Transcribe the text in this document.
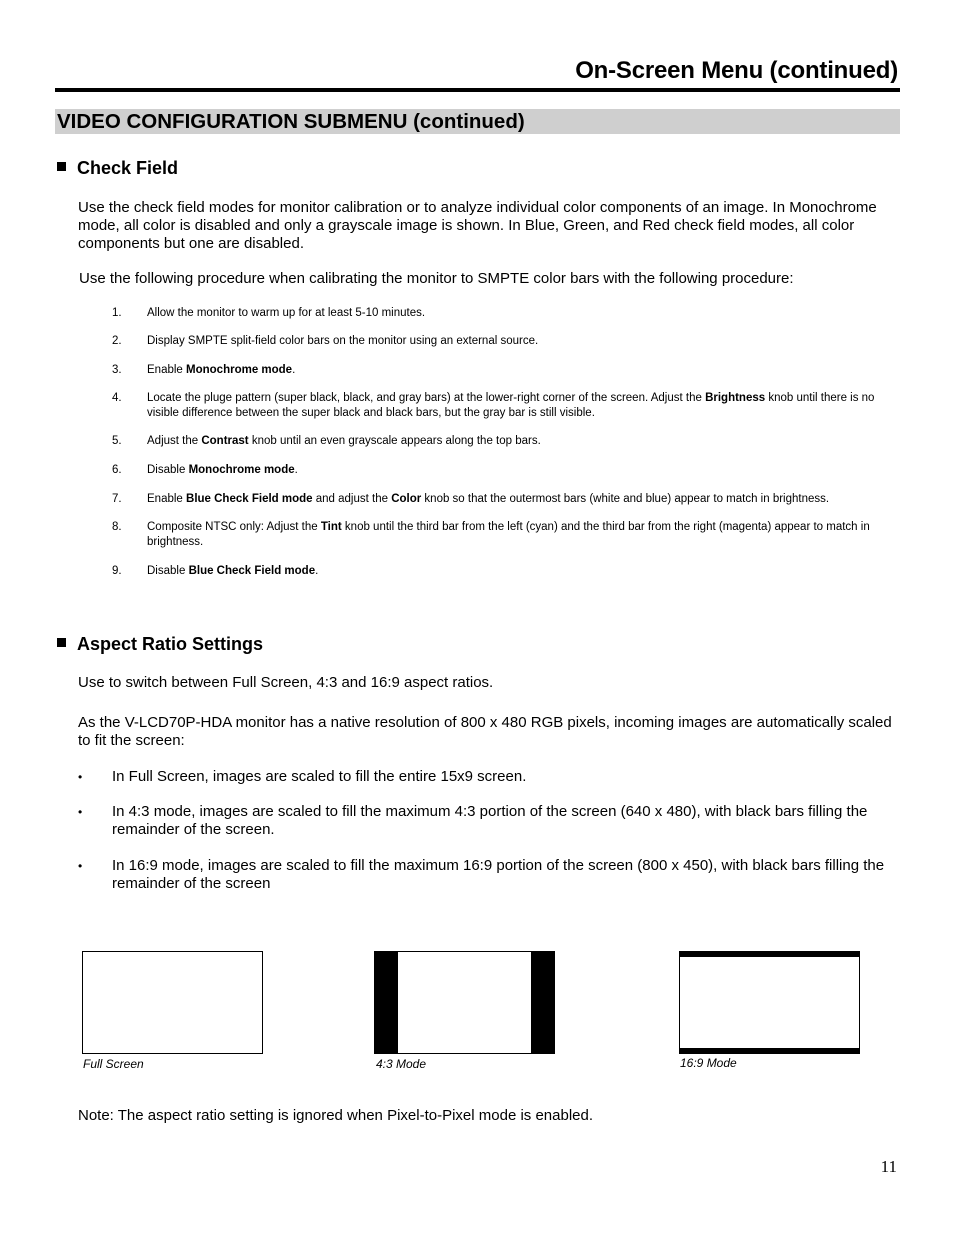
On-Screen Menu (continued)
VIDEO CONFIGURATION SUBMENU (continued)
Check Field

Use the check field modes for monitor calibration or to analyze individual color components of an image. In Monochrome mode, all color is disabled and only a grayscale image is shown. In Blue, Green, and Red check field modes, all color components but one are disabled.

Use the following procedure when calibrating the monitor to SMPTE color bars with the following procedure:

1.	Allow the monitor to warm up for at least 5-10 minutes.
2.	Display SMPTE split-field color bars on the monitor using an external source.
3.	Enable Monochrome mode.
4.	Locate the pluge pattern (super black, black, and gray bars) at the lower-right corner of the screen. Adjust the Brightness knob until there is no visible difference between the super black and black bars, but the gray bar is still visible.
5.	Adjust the Contrast knob until an even grayscale appears along the top bars.
6.	Disable Monochrome mode.
7.	Enable Blue Check Field mode and adjust the Color knob so that the outermost bars (white and blue) appear to match in brightness.
8.	Composite NTSC only: Adjust the Tint knob until the third bar from the left (cyan) and the third bar from the right (magenta) appear to match in brightness.
9.	Disable Blue Check Field mode.
Aspect Ratio Settings

Use to switch between Full Screen, 4:3 and 16:9 aspect ratios.

As the V-LCD70P-HDA monitor has a native resolution of 800 x 480 RGB pixels, incoming images are automatically scaled to fit the screen:

•	In Full Screen, images are scaled to fill the entire 15x9 screen.
•	In 4:3 mode, images are scaled to fill the maximum 4:3 portion of the screen (640 x 480), with black bars filling the remainder of the screen.
•	In 16:9 mode, images are scaled to fill the maximum 16:9 portion of the screen (800 x 450), with black bars filling the remainder of the screen
Full Screen	4:3 Mode	16:9 Mode

Note: The aspect ratio setting is ignored when Pixel-to-Pixel mode is enabled.

11
